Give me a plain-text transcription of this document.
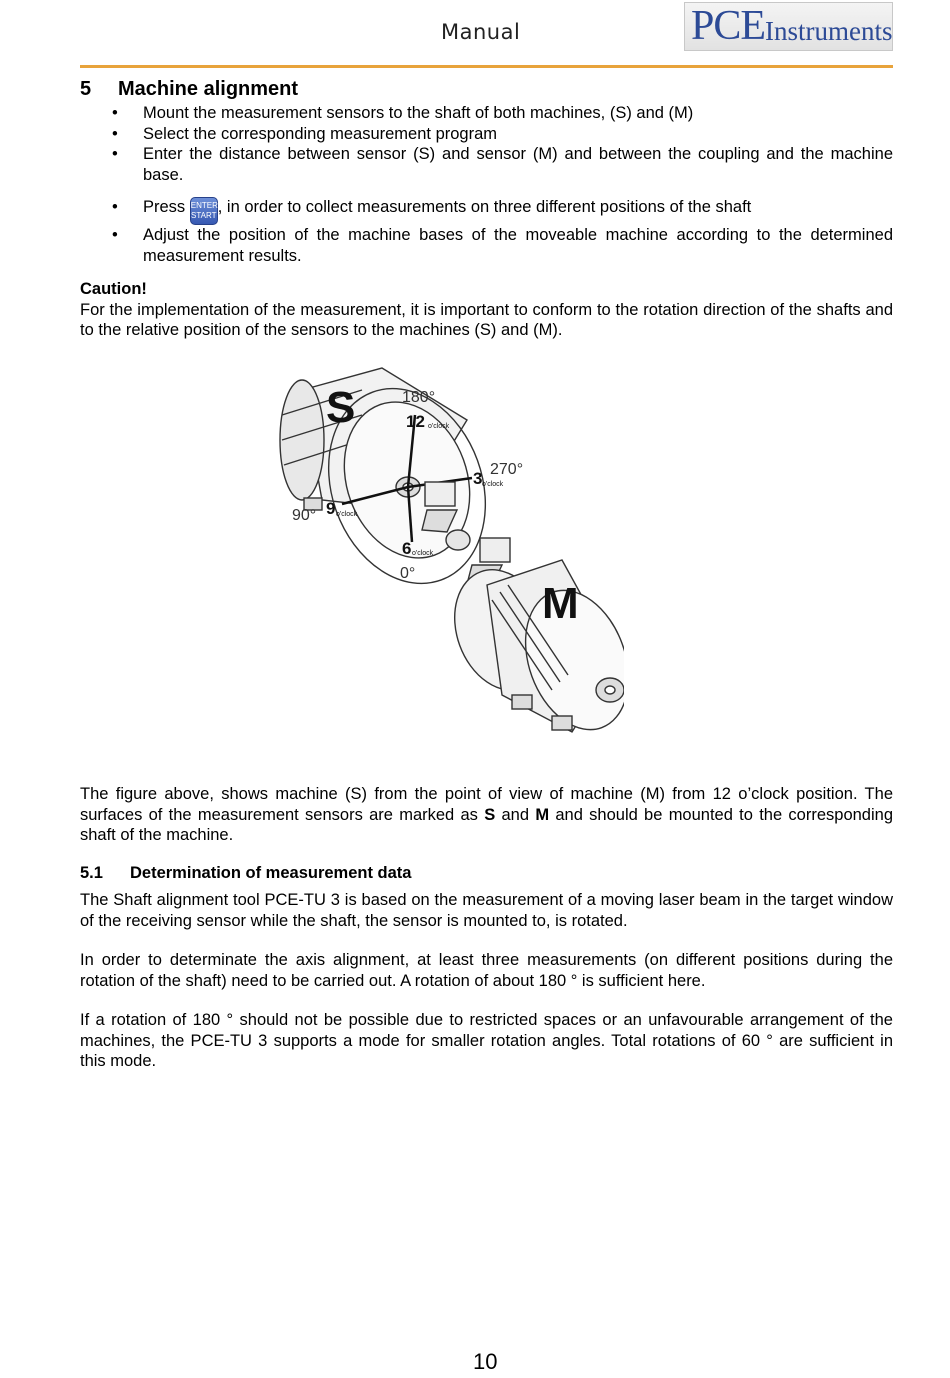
Manual	PCE Instruments
5 Machine alignment
• Mount the measurement sensors to the shaft of both machines, (S) and (M)
• Select the corresponding measurement program
• Enter the distance between sensor (S) and sensor (M) and between the coupling and the machine base.
• Press ENTER
START, in order to collect measurements on three different positions of the shaft
• Adjust the position of the machine bases of the moveable machine according to the determined measurement results.
Caution!
For the implementation of the measurement, it is important to conform to the rotation direction of the shafts and to the relative position of the sensors to the machines (S) and (M).
S
M
180°
270°
90°
0°
12 o'clock
3 o'clock
9 o'clock
6 o'clock
The figure above, shows machine (S) from the point of view of machine (M) from 12 o’clock position. The surfaces of the measurement sensors are marked as S and M and should be mounted to the corresponding shaft of the machine.
5.1 Determination of measurement data
The Shaft alignment tool PCE-TU 3 is based on the measurement of a moving laser beam in the target window of the receiving sensor while the shaft, the sensor is mounted to, is rotated.
In order to determinate the axis alignment, at least three measurements (on different positions during the rotation of the shaft) need to be carried out. A rotation of about 180 ° is sufficient here.
If a rotation of 180 ° should not be possible due to restricted spaces or an unfavourable arrangement of the machines, the PCE-TU 3 supports a mode for smaller rotation angles. Total rotations of 60 ° are sufficient in this mode.
10
